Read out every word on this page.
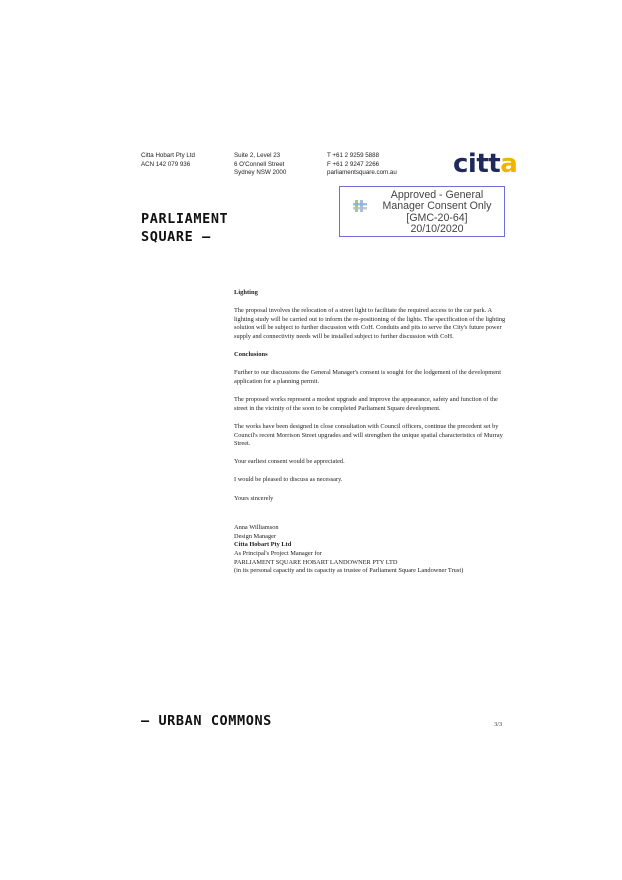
Citta Hobart Pty Ltd
ACN 142 079 936
Suite 2, Level 23
6 O'Connell Street
Sydney NSW 2000
T +61 2 9259 5888
F +61 2 9247 2266
parliamentsquare.com.au citta
Approved - General
Manager Consent Only
[GMC-20-64]
20/10/2020
PARLIAMENT
SQUARE —
Lighting

The proposal involves the relocation of a street light to facilitate the required access to the car park. A lighting study will be carried out to inform the re-positioning of the lights. The specification of the lighting solution will be subject to further discussion with CoH. Conduits and pits to serve the City's future power supply and connectivity needs will be installed subject to further discussion with CoH.

Conclusions

Further to our discussions the General Manager's consent is sought for the lodgement of the development application for a planning permit.

The proposed works represent a modest upgrade and improve the appearance, safety and function of the street in the vicinity of the soon to be completed Parliament Square development.

The works have been designed in close consultation with Council officers, continue the precedent set by Council's recent Morrison Street upgrades and will strengthen the unique spatial characteristics of Murray Street.

Your earliest consent would be appreciated.

I would be pleased to discuss as necessary.

Yours sincerely

Anna Williamson
Design Manager
Citta Hobart Pty Ltd
As Principal's Project Manager for
PARLIAMENT SQUARE HOBART LANDOWNER PTY LTD
(in its personal capacity and its capacity as trustee of Parliament Square Landowner Trust)
— URBAN COMMONS	3/3
